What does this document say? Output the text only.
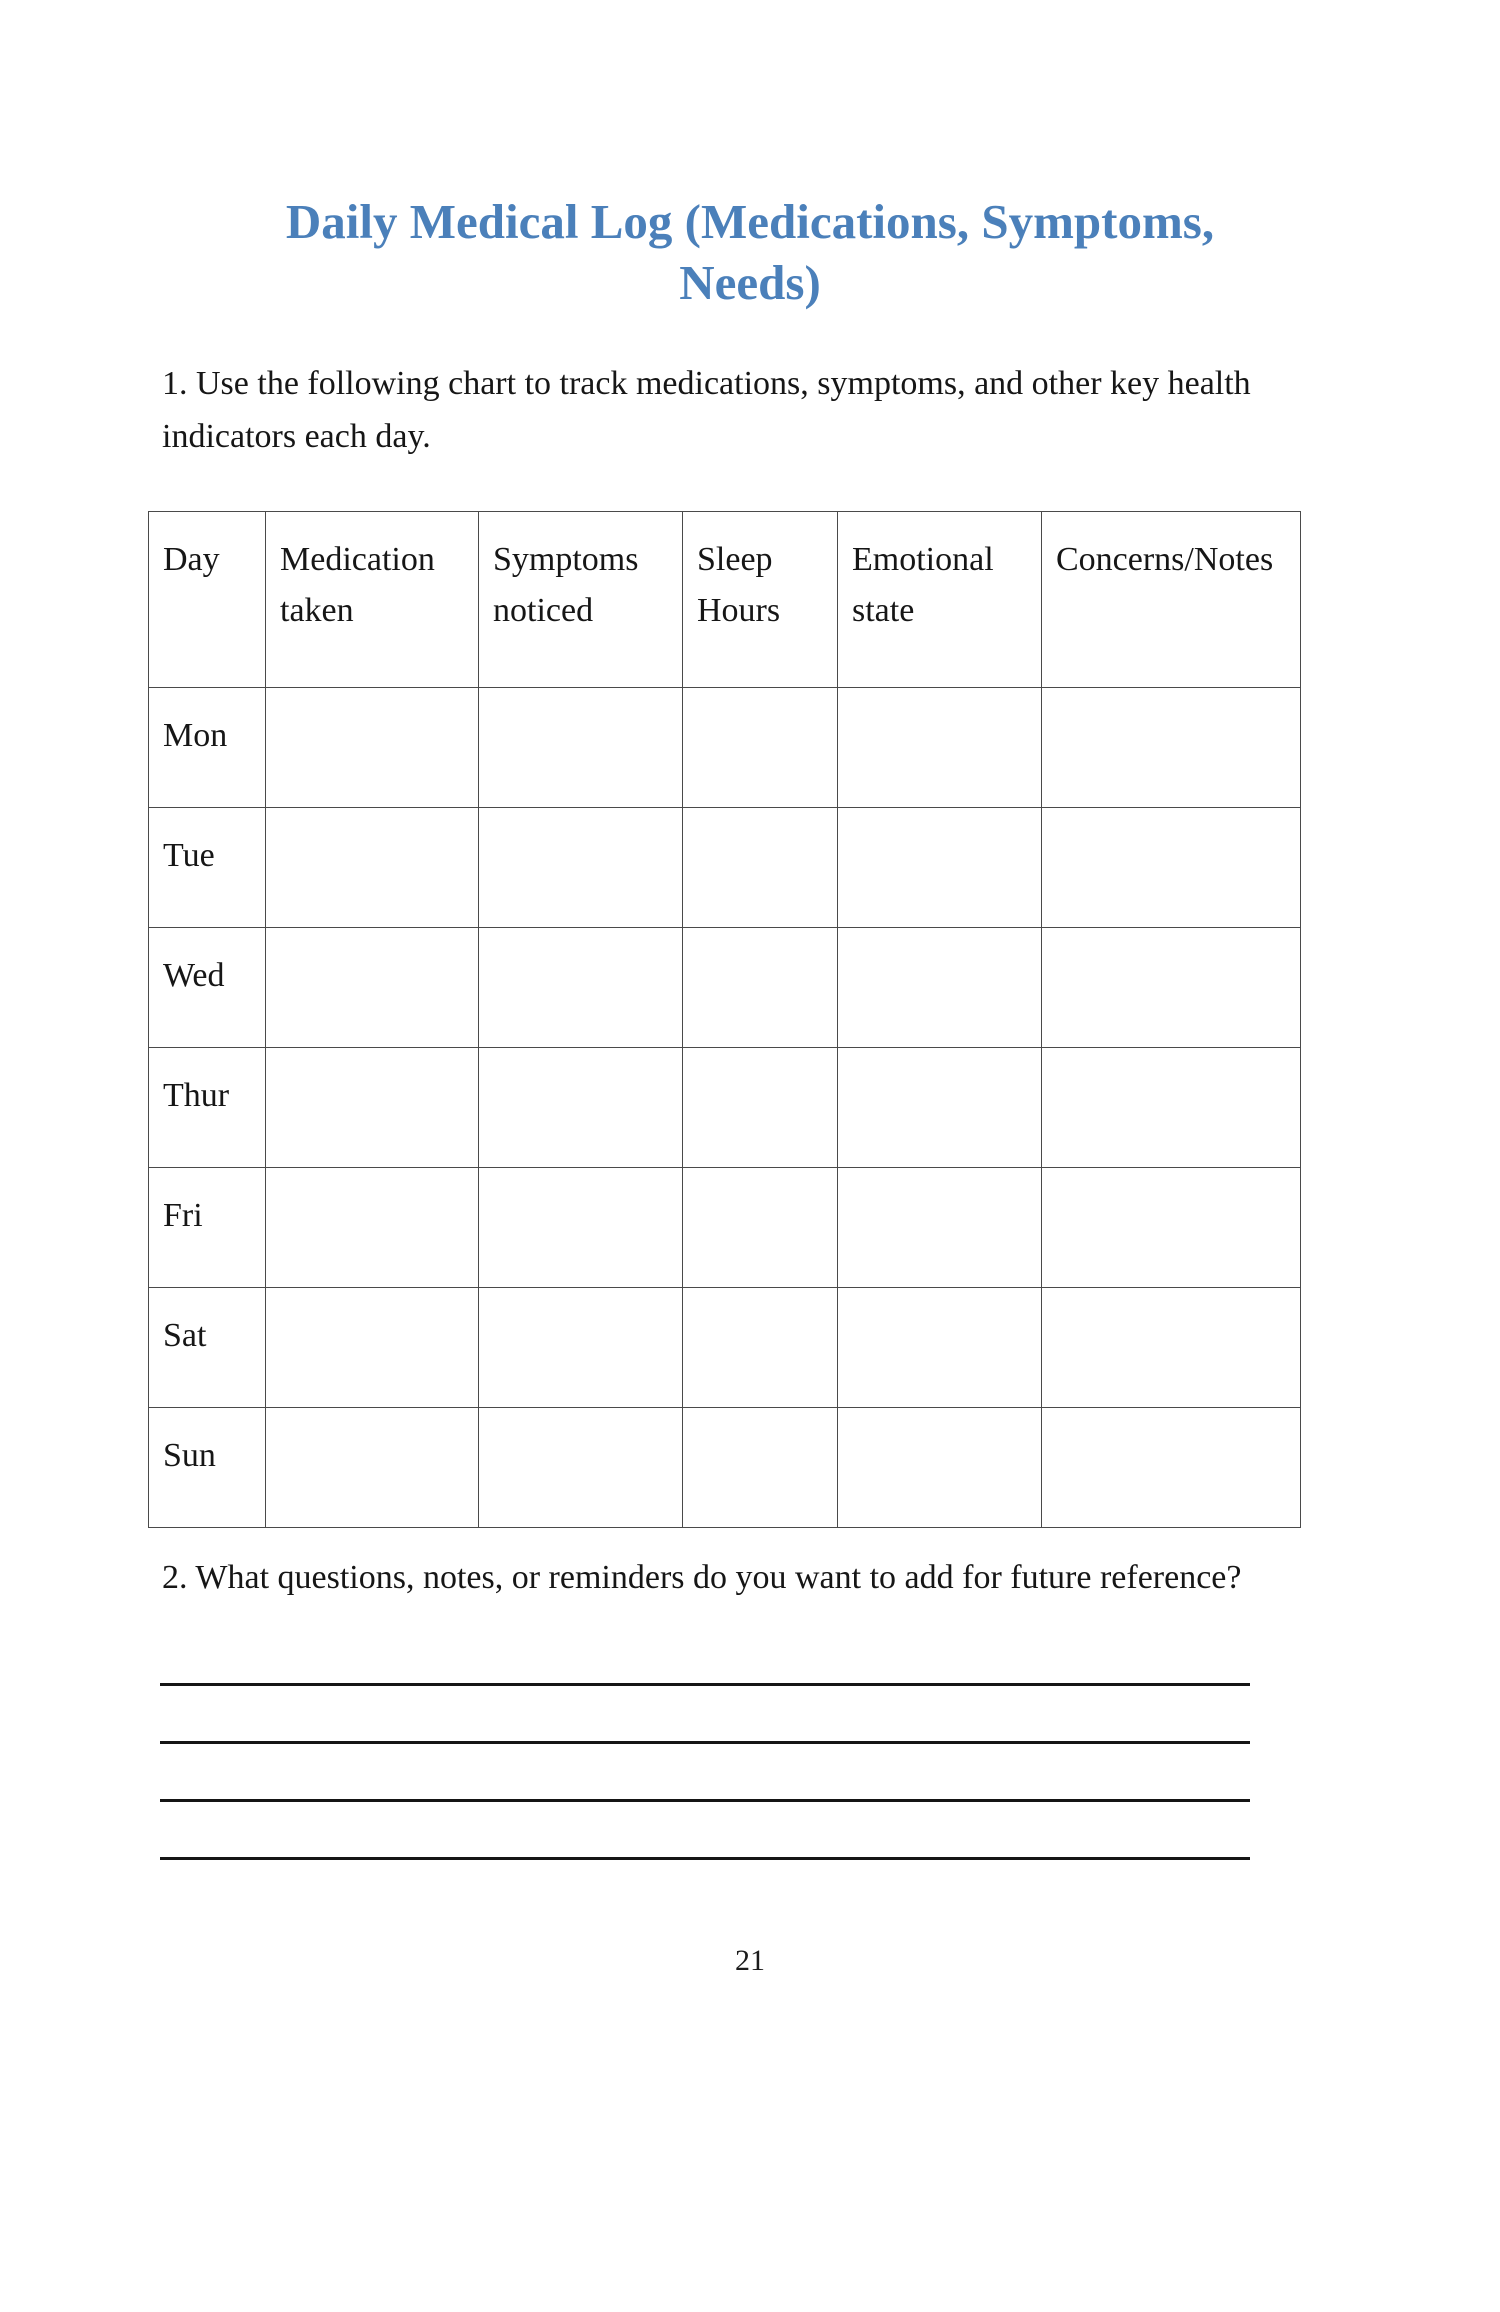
Daily Medical Log (Medications, Symptoms,
Needs)

1. Use the following chart to track medications, symptoms, and other key health indicators each day.

Day	Medication taken	Symptoms noticed	Sleep Hours	Emotional state	Concerns/Notes
Mon					
Tue					
Wed					
Thur					
Fri					
Sat					
Sun					

2. What questions, notes, or reminders do you want to add for future reference?

21
